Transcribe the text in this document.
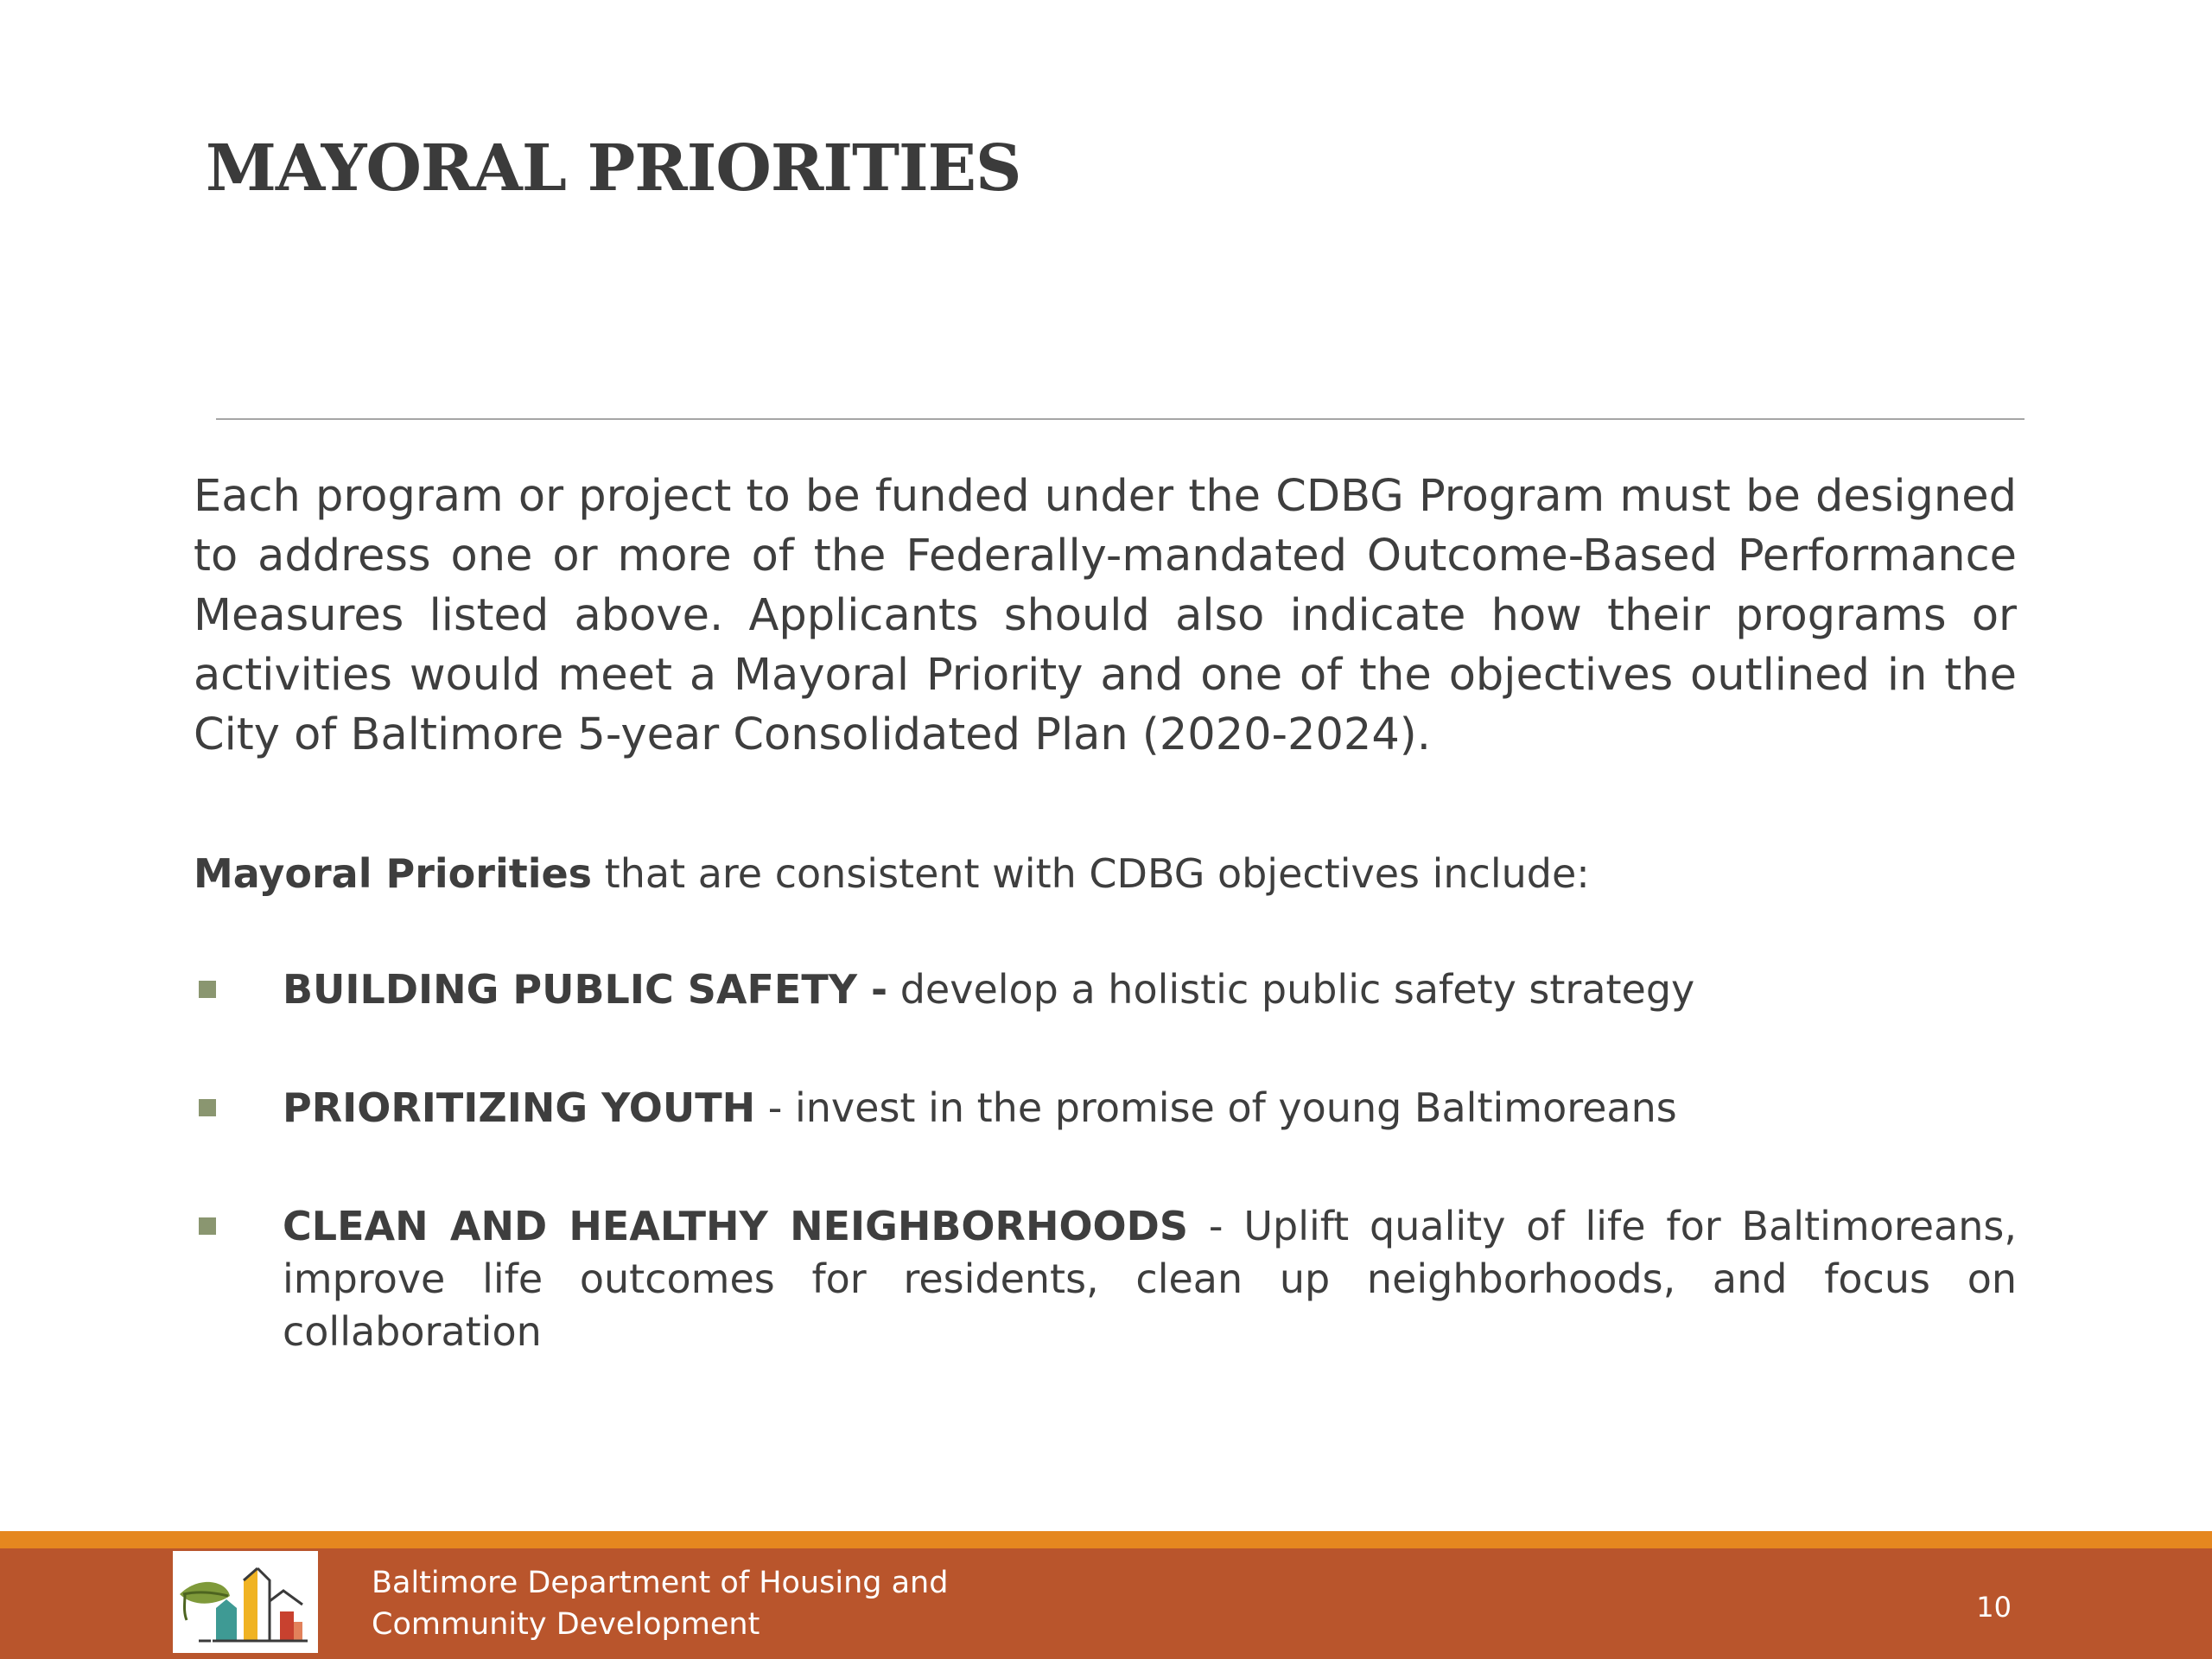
MAYORAL PRIORITIES

Each program or project to be funded under the CDBG Program must be designed to address one or more of the Federally-mandated Outcome-Based Performance Measures listed above. Applicants should also indicate how their programs or activities would meet a Mayoral Priority and one of the objectives outlined in the City of Baltimore 5-year Consolidated Plan (2020-2024).

Mayoral Priorities that are consistent with CDBG objectives include:

BUILDING PUBLIC SAFETY - develop a holistic public safety strategy
PRIORITIZING YOUTH - invest in the promise of young Baltimoreans
CLEAN AND HEALTHY NEIGHBORHOODS - Uplift quality of life for Baltimoreans, improve life outcomes for residents, clean up neighborhoods, and focus on collaboration
Baltimore Department of Housing and
Community Development	10
